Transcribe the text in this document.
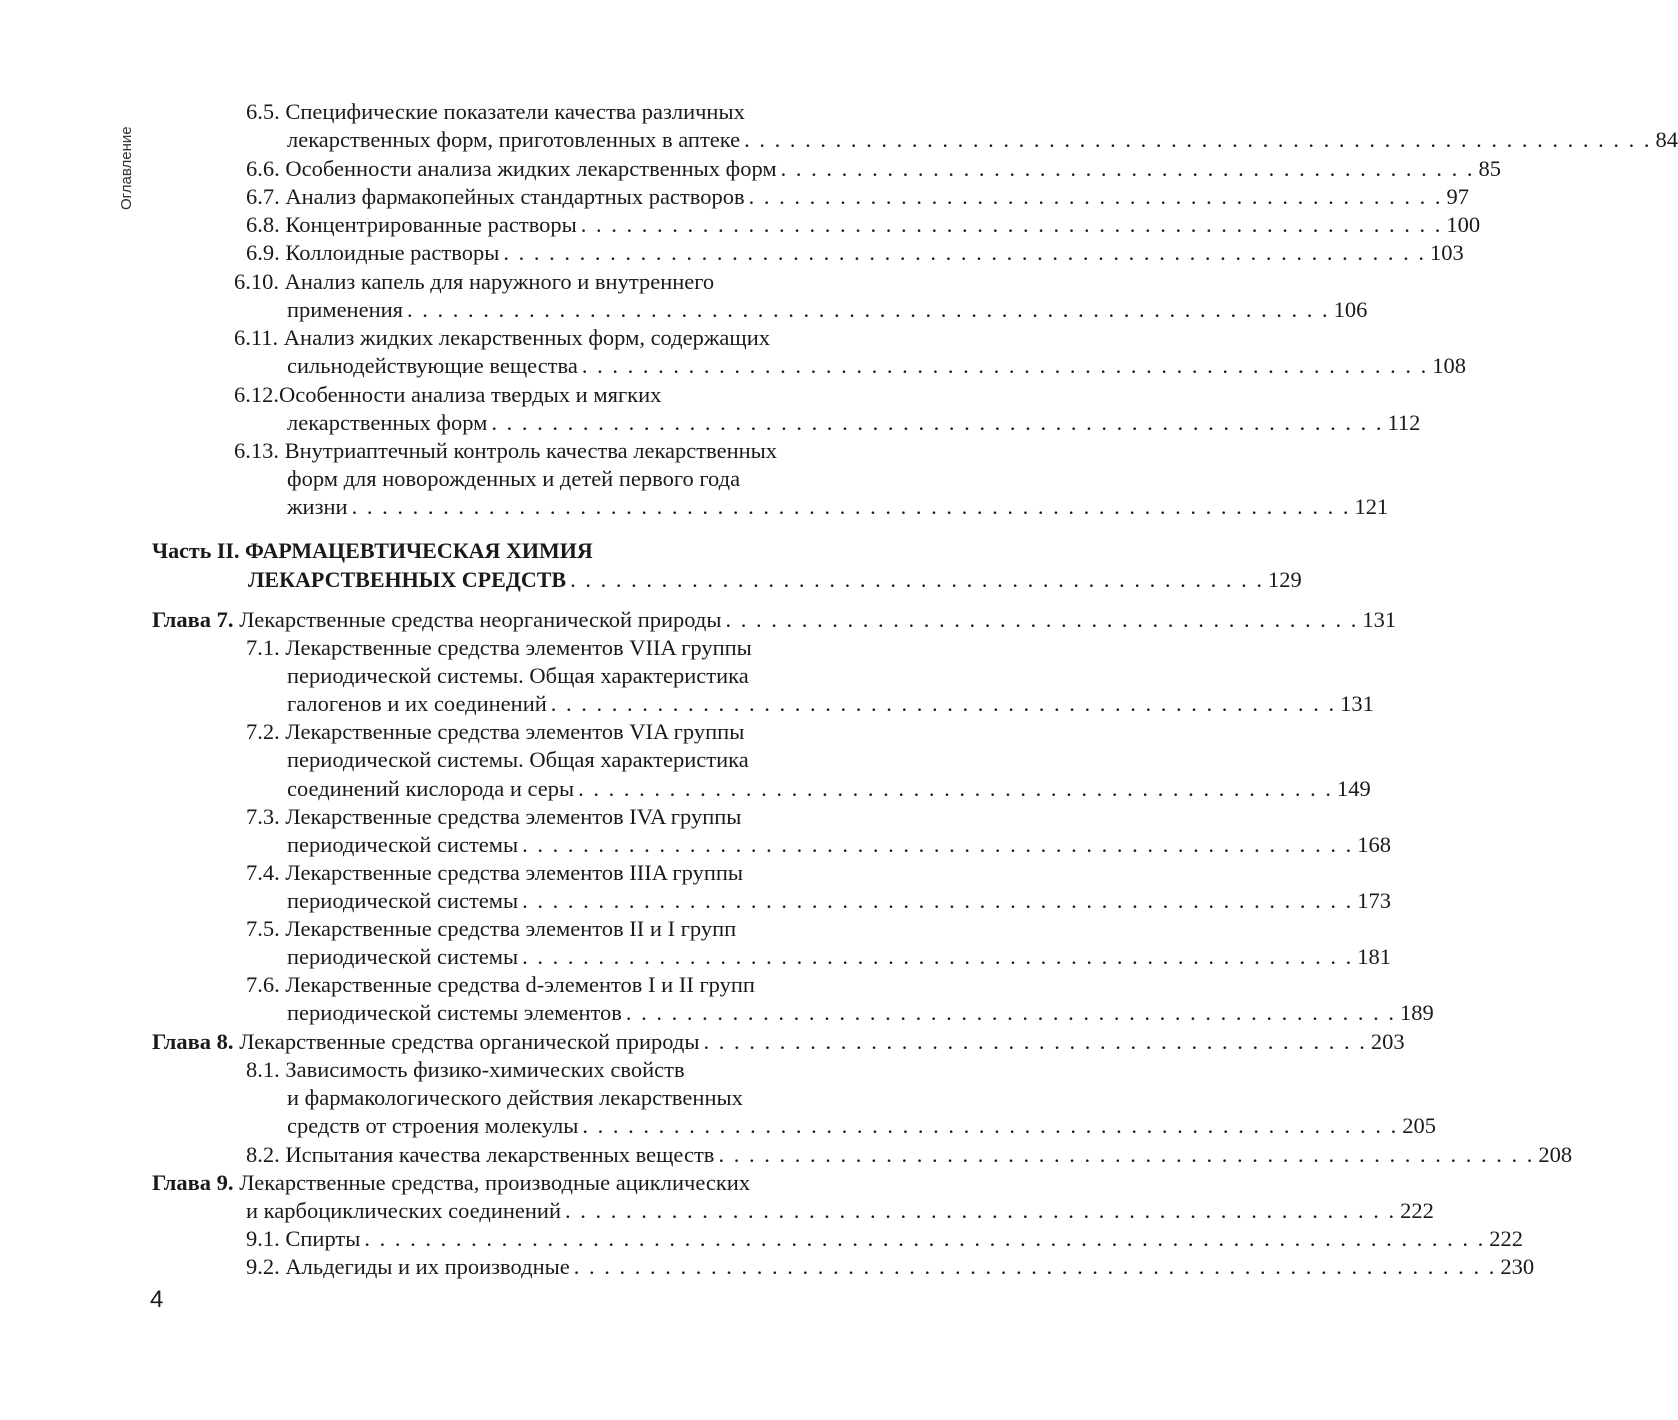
Оглавление
6.5. Специфические показатели качества различных
лекарственных форм, приготовленных в аптеке . . . . . . . . . . . . . . . . . . . . . . . . . . . . . . . . . . . . . . . . . . . . . . . . . . . . . . . . . . . . 84
6.6. Особенности анализа жидких лекарственных форм . . . . . . . . . . . . . . . . . . . . . . . . . . . . . . . . . . . . . . . . . . . . . . 85
6.7. Анализ фармакопейных стандартных растворов . . . . . . . . . . . . . . . . . . . . . . . . . . . . . . . . . . . . . . . . . . . . . . 97
6.8. Концентрированные растворы . . . . . . . . . . . . . . . . . . . . . . . . . . . . . . . . . . . . . . . . . . . . . . . . . . . . . . . . . 100
6.9. Коллоидные растворы . . . . . . . . . . . . . . . . . . . . . . . . . . . . . . . . . . . . . . . . . . . . . . . . . . . . . . . . . . . . . 103
6.10. Анализ капель для наружного и внутреннего
применения . . . . . . . . . . . . . . . . . . . . . . . . . . . . . . . . . . . . . . . . . . . . . . . . . . . . . . . . . . . . . 106
6.11. Анализ жидких лекарственных форм, содержащих
сильнодействующие вещества . . . . . . . . . . . . . . . . . . . . . . . . . . . . . . . . . . . . . . . . . . . . . . . . . . . . . . . . 108
6.12.Особенности анализа твердых и мягких
лекарственных форм . . . . . . . . . . . . . . . . . . . . . . . . . . . . . . . . . . . . . . . . . . . . . . . . . . . . . . . . . . . 112
6.13. Внутриаптечный контроль качества лекарственных
форм для новорожденных и детей первого года
жизни . . . . . . . . . . . . . . . . . . . . . . . . . . . . . . . . . . . . . . . . . . . . . . . . . . . . . . . . . . . . . . . . . . 121
Часть II. ФАРМАЦЕВТИЧЕСКАЯ ХИМИЯ
ЛЕКАРСТВЕННЫХ СРЕДСТВ . . . . . . . . . . . . . . . . . . . . . . . . . . . . . . . . . . . . . . . . . . . . . . 129
Глава 7. Лекарственные средства неорганической природы . . . . . . . . . . . . . . . . . . . . . . . . . . . . . . . . . . . . . . . . . . 131
7.1. Лекарственные средства элементов VIIA группы
периодической системы. Общая характеристика
галогенов и их соединений . . . . . . . . . . . . . . . . . . . . . . . . . . . . . . . . . . . . . . . . . . . . . . . . . . . . 131
7.2. Лекарственные средства элементов VIA группы
периодической системы. Общая характеристика
соединений кислорода и серы . . . . . . . . . . . . . . . . . . . . . . . . . . . . . . . . . . . . . . . . . . . . . . . . . . 149
7.3. Лекарственные средства элементов IVA группы
периодической системы . . . . . . . . . . . . . . . . . . . . . . . . . . . . . . . . . . . . . . . . . . . . . . . . . . . . . . . 168
7.4. Лекарственные средства элементов IIIA группы
периодической системы . . . . . . . . . . . . . . . . . . . . . . . . . . . . . . . . . . . . . . . . . . . . . . . . . . . . . . . 173
7.5. Лекарственные средства элементов II и I групп
периодической системы . . . . . . . . . . . . . . . . . . . . . . . . . . . . . . . . . . . . . . . . . . . . . . . . . . . . . . . 181
7.6. Лекарственные средства d-элементов I и II групп
периодической системы элементов . . . . . . . . . . . . . . . . . . . . . . . . . . . . . . . . . . . . . . . . . . . . . . . . . . . 189
Глава 8. Лекарственные средства органической природы . . . . . . . . . . . . . . . . . . . . . . . . . . . . . . . . . . . . . . . . . . . . 203
8.1. Зависимость физико-химических свойств
и фармакологического действия лекарственных
средств от строения молекулы . . . . . . . . . . . . . . . . . . . . . . . . . . . . . . . . . . . . . . . . . . . . . . . . . . . . . . 205
8.2. Испытания качества лекарственных веществ . . . . . . . . . . . . . . . . . . . . . . . . . . . . . . . . . . . . . . . . . . . . . . . . . . . . . . 208
Глава 9. Лекарственные средства, производные ациклических
и карбоциклических соединений . . . . . . . . . . . . . . . . . . . . . . . . . . . . . . . . . . . . . . . . . . . . . . . . . . . . . . . 222
9.1. Спирты . . . . . . . . . . . . . . . . . . . . . . . . . . . . . . . . . . . . . . . . . . . . . . . . . . . . . . . . . . . . . . . . . . . . . . . . . . 222
9.2. Альдегиды и их производные . . . . . . . . . . . . . . . . . . . . . . . . . . . . . . . . . . . . . . . . . . . . . . . . . . . . . . . . . . . . . 230
4
